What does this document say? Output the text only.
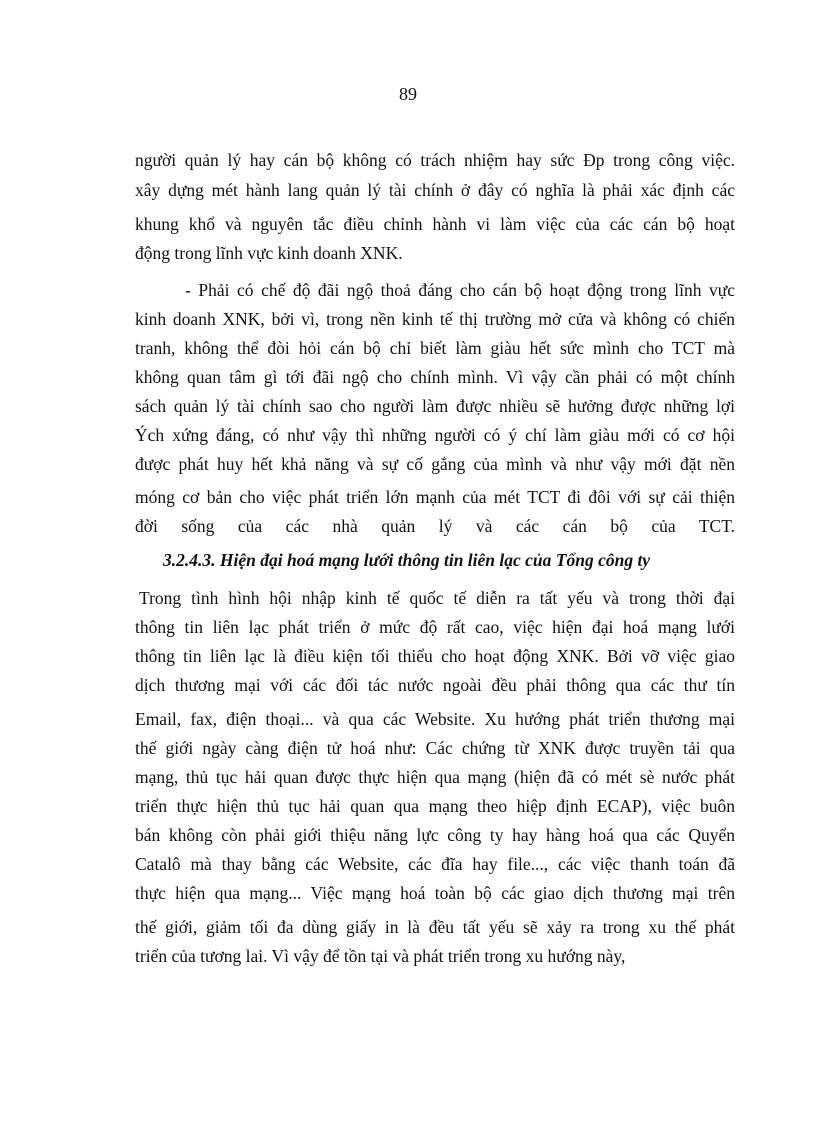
89
người quản lý hay cán bộ không có trách nhiệm hay sức Đp trong công việc.
xây dựng mét hành lang quản lý tài chính ở đây có nghĩa là phải xác định các
khung khổ và nguyên tắc điều chỉnh hành vi làm việc của các cán bộ hoạt
động trong lĩnh vực kinh doanh XNK.
- Phải có chế độ đãi ngộ thoả đáng cho cán bộ hoạt động trong lĩnh vực
kinh doanh XNK, bởi vì, trong nền kinh tế thị trường mở cửa và không có chiến
tranh, không thể đòi hỏi cán bộ chỉ biết làm giàu hết sức mình cho TCT mà
không quan tâm gì tới đãi ngộ cho chính mình. Vì vậy cần phải có một chính
sách quản lý tài chính sao cho người làm được nhiều sẽ hưởng được những lợi
Ých xứng đáng, có như vậy thì những người có ý chí làm giàu mới có cơ hội
được phát huy hết khả năng và sự cố gắng của mình và như vậy mới đặt nền
móng cơ bản cho việc phát triển lớn mạnh của mét TCT đi đôi với sự cải thiện
đời sống của các nhà quản lý và các cán bộ của TCT.
3.2.4.3. Hiện đại hoá mạng lưới thông tin liên lạc của Tổng công ty
Trong tình hình hội nhập kinh tế quốc tế diễn ra tất yếu và trong thời đại
thông tin liên lạc phát triển ở mức độ rất cao, việc hiện đại hoá mạng lưới
thông tin liên lạc là điều kiện tối thiểu cho hoạt động XNK. Bởi vỡ việc giao
dịch thương mại với các đối tác nước ngoài đều phải thông qua các thư tín
Email, fax, điện thoại... và qua các Website. Xu hướng phát triển thương mại
thế giới ngày càng điện tử hoá như: Các chứng từ XNK được truyền tải qua
mạng, thủ tục hải quan được thực hiện qua mạng (hiện đã có mét sè nước phát
triển thực hiện thủ tục hải quan qua mạng theo hiệp định ECAP), việc buôn
bán không còn phải giới thiệu năng lực công ty hay hàng hoá qua các Quyển
Catalô mà thay bằng các Website, các đĩa hay file..., các việc thanh toán đã
thực hiện qua mạng... Việc mạng hoá toàn bộ các giao dịch thương mại trên
thế giới, giảm tối đa dùng giấy in là đều tất yếu sẽ xảy ra trong xu thế phát
triển của tương lai. Vì vậy để tồn tại và phát triển trong xu hướng này,
